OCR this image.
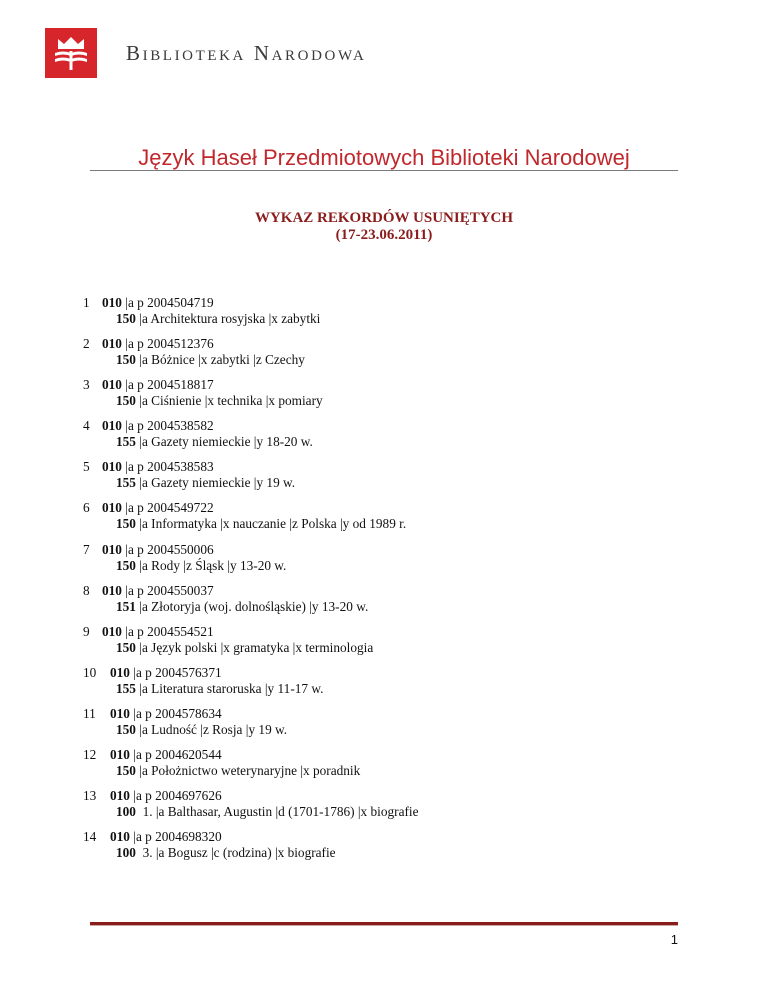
Biblioteka Narodowa
Język Haseł Przedmiotowych Biblioteki Narodowej
WYKAZ REKORDÓW USUNIĘTYCH
(17-23.06.2011)
1 010 |a p 2004504719
150 |a Architektura rosyjska |x zabytki
2 010 |a p 2004512376
150 |a Bóżnice |x zabytki |z Czechy
3 010 |a p 2004518817
150 |a Ciśnienie |x technika |x pomiary
4 010 |a p 2004538582
155 |a Gazety niemieckie |y 18-20 w.
5 010 |a p 2004538583
155 |a Gazety niemieckie |y 19 w.
6 010 |a p 2004549722
150 |a Informatyka |x nauczanie |z Polska |y od 1989 r.
7 010 |a p 2004550006
150 |a Rody |z Śląsk |y 13-20 w.
8 010 |a p 2004550037
151 |a Złotoryja (woj. dolnośląskie) |y 13-20 w.
9 010 |a p 2004554521
150 |a Język polski |x gramatyka |x terminologia
10 010 |a p 2004576371
155 |a Literatura staroruska |y 11-17 w.
11 010 |a p 2004578634
150 |a Ludność |z Rosja |y 19 w.
12 010 |a p 2004620544
150 |a Położnictwo weterynaryjne |x poradnik
13 010 |a p 2004697626
100  1. |a Balthasar, Augustin |d (1701-1786) |x biografie
14 010 |a p 2004698320
100  3. |a Bogusz |c (rodzina) |x biografie
1
